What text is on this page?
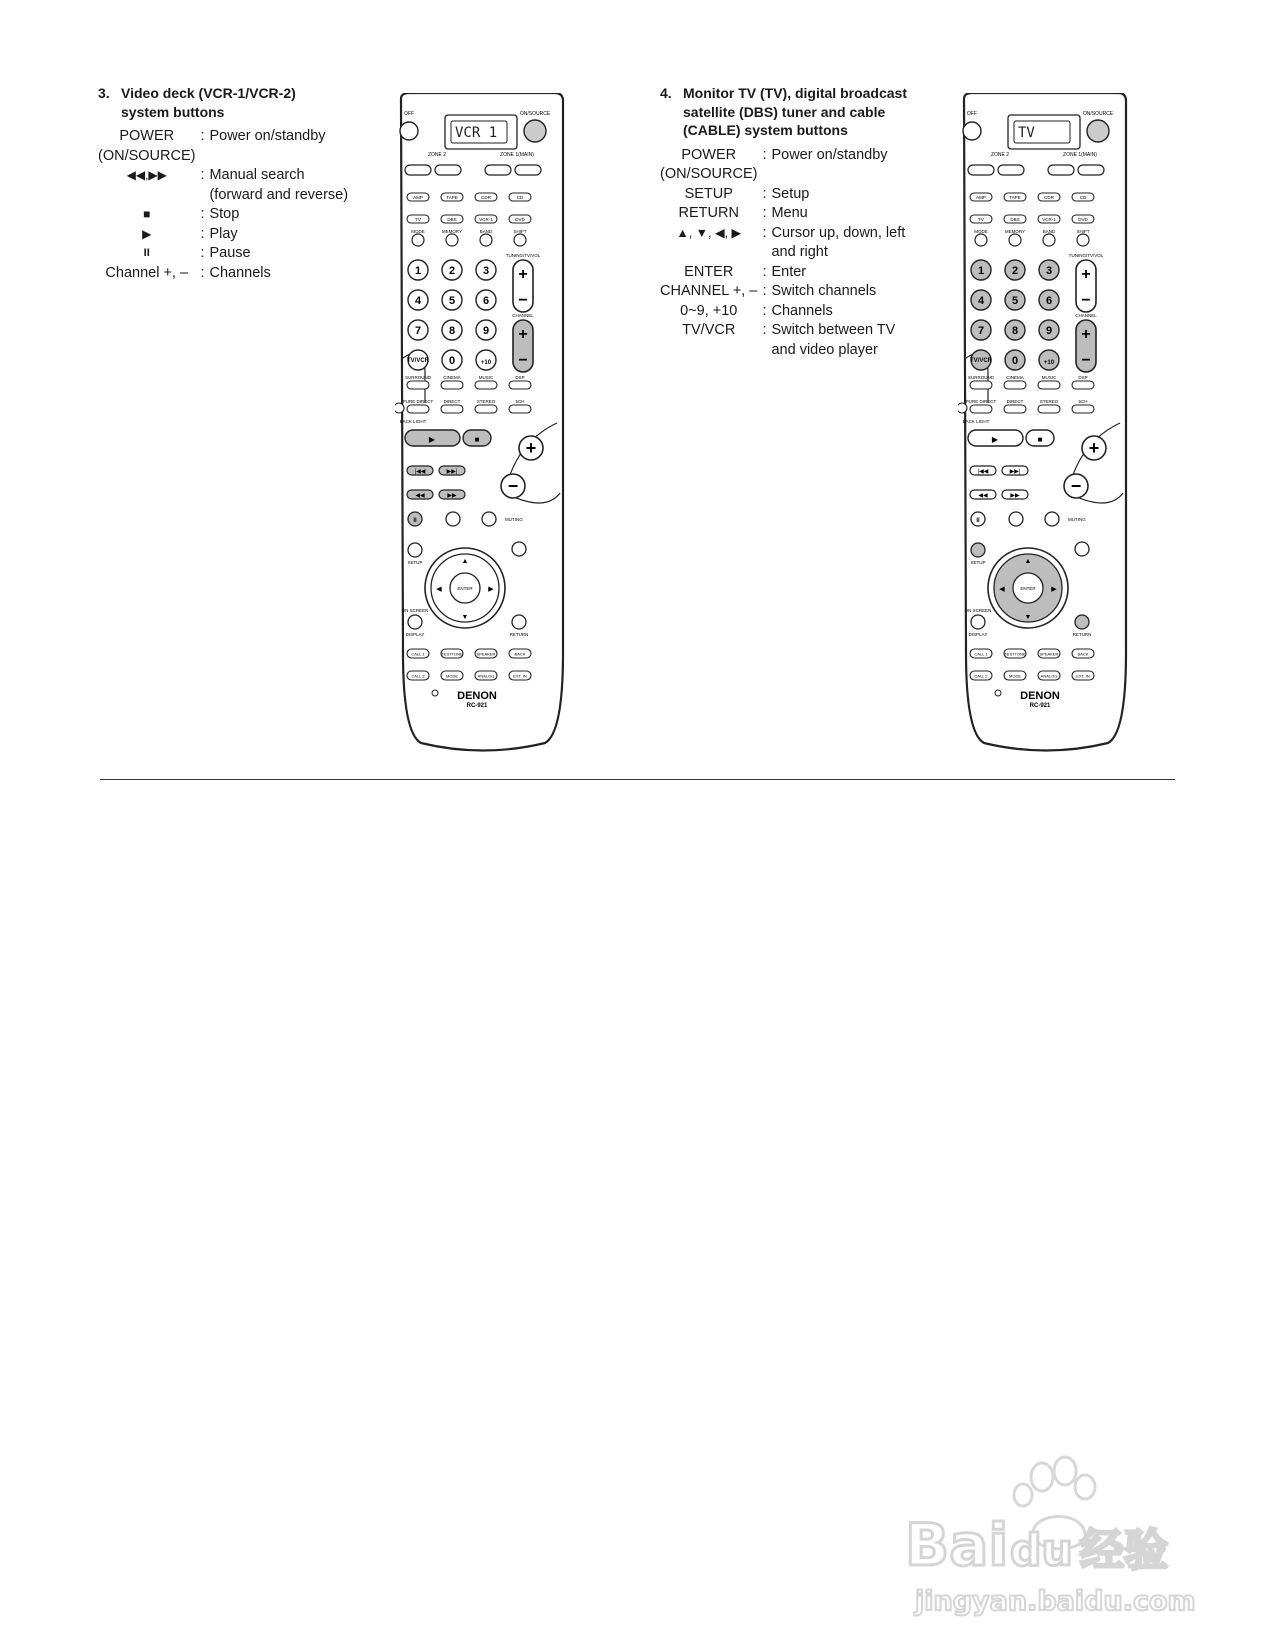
3. Video deck (VCR-1/VCR-2) system buttons
POWER (ON/SOURCE)	:	Power on/standby
◀◀,▶▶	:	Manual search (forward and reverse)
■	:	Stop
▶	:	Play
II	:	Pause
Channel +, –	:	Channels
4. Monitor TV (TV), digital broadcast satellite (DBS) tuner and cable (CABLE) system buttons
POWER (ON/SOURCE)	:	Power on/standby
SETUP	:	Setup
RETURN	:	Menu
▲, ▼, ◀, ▶	:	Cursor up, down, left and right
ENTER	:	Enter
CHANNEL +, –	:	Switch channels
0~9, +10	:	Channels
TV/VCR	:	Switch between TV and video player
OFF	ON/SOURCE
VCR 1
ZONE 2	ZONE 1(MAIN)
AMP	TAPE	CDR	CD
TV	DBS	VCR-1	DVD
MODE	MEMORY	BAND	SHIFT
1	2	3
4	5	6
7	8	9
TV/VCR 0	+10
TUNING/TV/VOL
+
−
CHANNEL
+
−
SURROUND	CINEMA	MUSIC	DSP
PURE DIRECT DIRECT	STEREO	5CH
BACK LIGHT
▶	■
|◀◀	▶▶|
◀◀	▶▶
+
−
II	MUTING
SETUP
ENTER
▲
▼
◀	▶
ON SCREEN
DISPLAY	RETURN
CALL 1	TESTTONE	SPEAKER	BACK
CALL 2	MODE	ANALOG	EXT. IN
DENON
RC-921
OFF	ON/SOURCE
TV
ZONE 2	ZONE 1(MAIN)
AMP	TAPE	CDR	CD
TV	DBS	VCR-1	DVD
MODE	MEMORY	BAND	SHIFT
1	2	3
4	5	6
7	8	9
TV/VCR 0	+10
TUNING/TV/VOL
+
−
CHANNEL
+
−
SURROUND	CINEMA	MUSIC	DSP
PURE DIRECT DIRECT	STEREO	5CH
BACK LIGHT
▶	■
|◀◀	▶▶|
◀◀	▶▶
+
−
II	MUTING
SETUP
ENTER
▲
▼
◀	▶
ON SCREEN
DISPLAY	RETURN
CALL 1	TESTTONE	SPEAKER	BACK
CALL 2	MODE	ANALOG	EXT. IN
DENON
RC-921
Bai du 经验
jingyan.baidu.com
